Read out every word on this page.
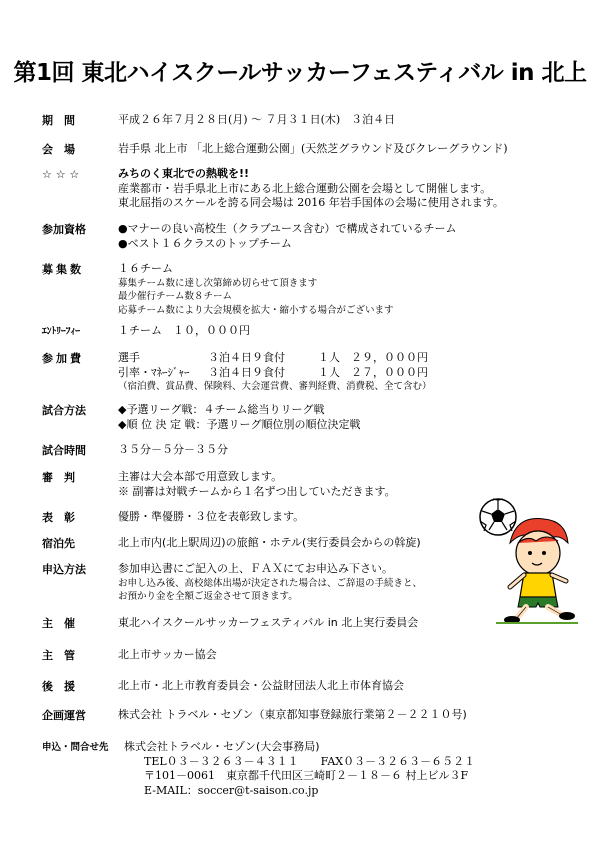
第1回 東北ハイスクールサッカーフェスティバル in 北上
期間	平成２６年７月２８日(月) 〜 ７月３１日(木)　３泊４日
会場	岩手県 北上市 「北上総合運動公園」(天然芝グラウンド及びクレーグラウンド)
☆ ☆ ☆	みちのく東北での熱戦を!!
産業都市・岩手県北上市にある北上総合運動公園を会場として開催します。
東北屈指のスケールを誇る同会場は 2016 年岩手国体の会場に使用されます。
参加資格	●マナーの良い高校生（クラブユース含む）で構成されているチーム
●ベスト１６クラスのトップチーム
募集数	１６チーム
募集チーム数に達し次第締め切らせて頂きます
最少催行チーム数８チーム
応募チーム数により大会規模を拡大・縮小する場合がございます
ｴﾝﾄﾘｰﾌｨｰ	１チーム　１０，０００円
参加費	選手	３泊４日９食付	１人　２９，０００円
引率・ﾏﾈｰｼﾞｬｰ	３泊４日９食付	１人　２７，０００円
（宿泊費、賞品費、保険料、大会運営費、審判経費、消費税、全て含む）
試合方法	◆予選リーグ戦：４チーム総当りリーグ戦
◆順 位 決 定 戦：予選リーグ順位別の順位決定戦
試合時間	３５分－５分－３５分
審判	主審は大会本部で用意致します。
※ 副審は対戦チームから１名ずつ出していただきます。
表彰	優勝・準優勝・３位を表彰致します。
宿泊先	北上市内(北上駅周辺)の旅館・ホテル(実行委員会からの斡旋)
申込方法	参加申込書にご記入の上、ＦＡＸにてお申込み下さい。
お申し込み後、高校総体出場が決定された場合は、ご辞退の手続きと、
お預かり金を全額ご返金させて頂きます。
主催	東北ハイスクールサッカーフェスティバル in 北上実行委員会
主管	北上市サッカー協会
後援	北上市・北上市教育委員会・公益財団法人北上市体育協会
企画運営	株式会社 トラベル・セゾン（東京都知事登録旅行業第２－２２１０号)
申込・問合せ先	株式会社トラベル・セゾン(大会事務局)
TEL０３－３２６３－４３１１　　FAX０３－３２６３－６５２１
〒101－0061　東京都千代田区三崎町２－１８－６ 村上ビル３F
E-MAIL：soccer@t-saison.co.jp
